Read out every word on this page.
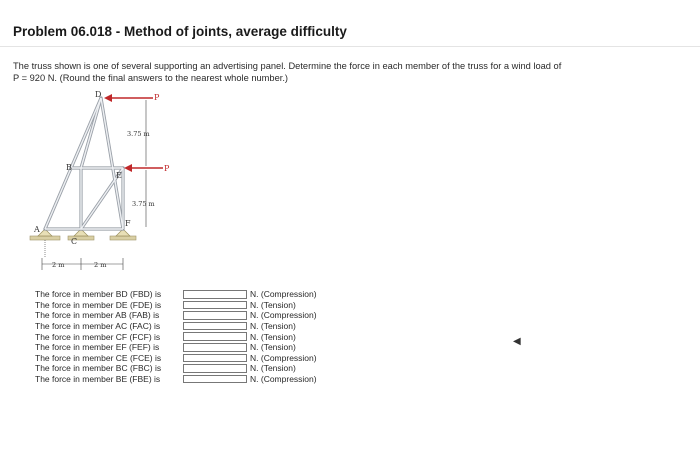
Problem 06.018 - Method of joints, average difficulty
The truss shown is one of several supporting an advertising panel. Determine the force in each member of the truss for a wind load of
P = 920 N. (Round the final answers to the nearest whole number.)
D	P
B
E
P
A
C
F
3.75 m
3.75 m
2 m	2 m
The force in member BD (FBD) is	N. (Compression)
The force in member DE (FDE) is	N. (Tension)
The force in member AB (FAB) is	N. (Compression)
The force in member AC (FAC) is	N. (Tension)
The force in member CF (FCF) is	N. (Tension)
The force in member EF (FEF) is	N. (Tension)
The force in member CE (FCE) is	N. (Compression)
The force in member BC (FBC) is	N. (Tension)
The force in member BE (FBE) is	N. (Compression)
◀
